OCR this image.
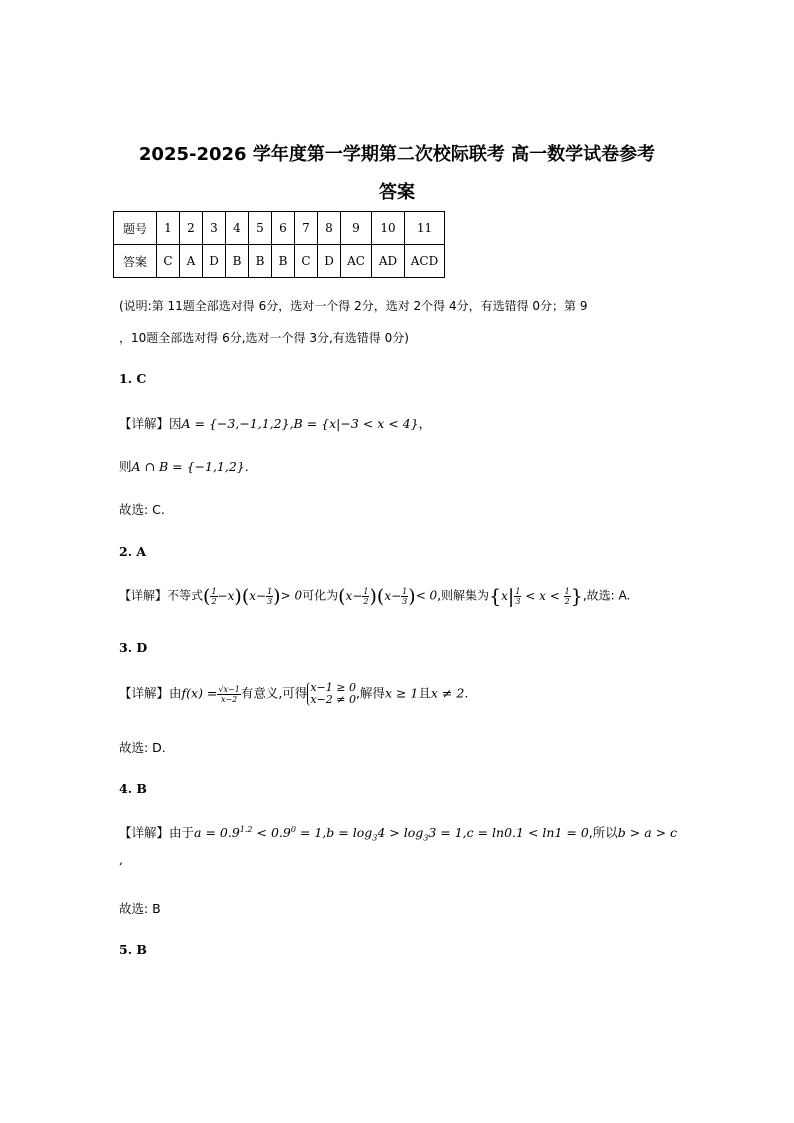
2025-2026 学年度第一学期第二次校际联考 高一数学试卷参考
答案
题号	1	2	3	4	5	6	7	8	9	10	11
答案	C	A	D	B	B	B	C	D	AC	AD	ACD
(说明:第 11题全部选对得 6分，选对一个得 2分，选对 2个得 4分，有选错得 0分；第 9
，10题全部选对得 6分,选对一个得 3分,有选错得 0分)
1. C
【详解】因A = {−3,−1,1,2},B = {x|−3 < x < 4}，
则A ∩ B = {−1,1,2}.
故选: C.
2. A
【详解】不等式( $\frac{1}{2} -x)(x- \frac{1}{3}$ )> 0可化为$(x- \frac{1}{2} )(x- \frac{1}{3}$ )< 0,则解集为{$x| \frac{1}{3} < x < \frac{1}{2}$ },故选: A.
3. D
【详解】由$f(x) = \frac{√x-1}{x-2}$ 有意义,可得 x−1 ≥ 0
x−2 ≠ 0 ,解得x ≥ 1且x ≠ 2.
故选: D.
4. B
【详解】由于$a = 0.9^{1.2} < 0.9^0 = 1,b = \log_34 > \log_33 = 1,c = \ln 0.1 < \ln 1 = 0$,所以b > a > c
,
故选: B
5. B
